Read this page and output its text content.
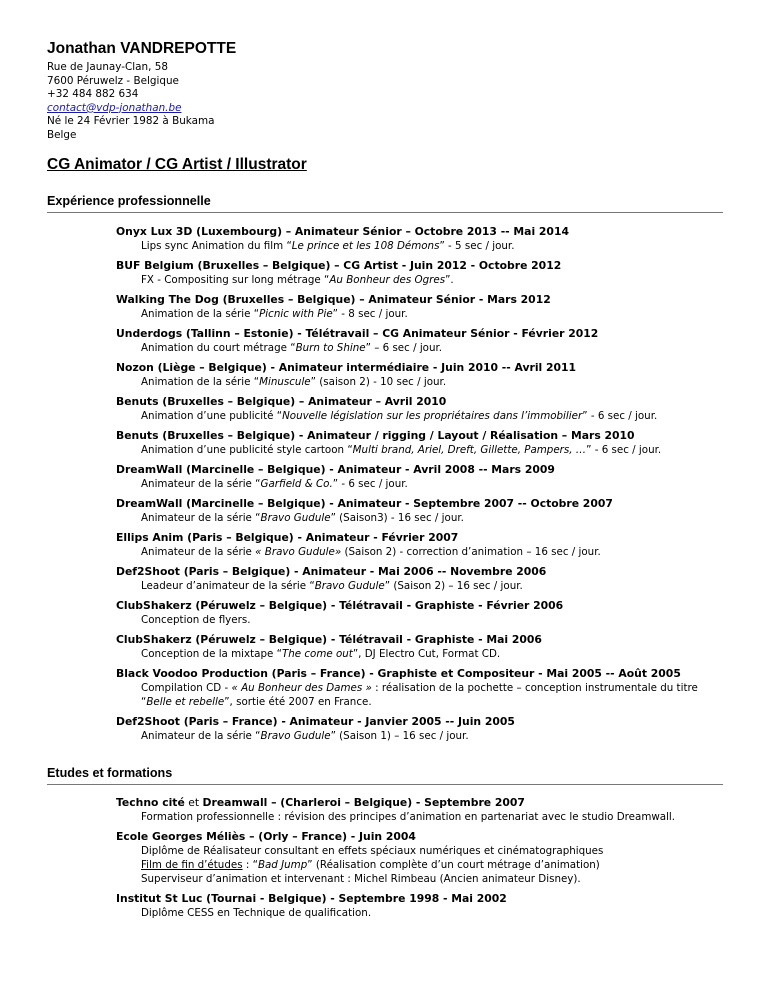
Jonathan VANDREPOTTE
Rue de Jaunay-Clan, 58
7600 Péruwelz - Belgique
+32 484 882 634
contact@vdp-jonathan.be
Né le 24 Février 1982 à Bukama
Belge
CG Animator / CG Artist / Illustrator
Expérience professionnelle
Onyx Lux 3D (Luxembourg) – Animateur Sénior – Octobre 2013 -- Mai 2014
Lips sync Animation du film “Le prince et les 108 Démons” - 5 sec / jour.
BUF Belgium (Bruxelles – Belgique) – CG Artist - Juin 2012 - Octobre 2012
FX - Compositing sur long métrage “Au Bonheur des Ogres”.
Walking The Dog (Bruxelles – Belgique) – Animateur Sénior - Mars 2012
Animation de la série “Picnic with Pie” - 8 sec / jour.
Underdogs (Tallinn – Estonie) - Télétravail – CG Animateur Sénior - Février 2012
Animation du court métrage “Burn to Shine” – 6 sec / jour.
Nozon (Liège – Belgique) - Animateur intermédiaire - Juin 2010 -- Avril 2011
Animation de la série “Minuscule” (saison 2) - 10 sec / jour.
Benuts (Bruxelles – Belgique) – Animateur – Avril 2010
Animation d’une publicité “Nouvelle législation sur les propriétaires dans l’immobilier” - 6 sec / jour.
Benuts (Bruxelles – Belgique) - Animateur / rigging / Layout / Réalisation – Mars 2010
Animation d’une publicité style cartoon “Multi brand, Ariel, Dreft, Gillette, Pampers, …” - 6 sec / jour.
DreamWall (Marcinelle – Belgique) - Animateur - Avril 2008 -- Mars 2009
Animateur de la série “Garfield & Co.” - 6 sec / jour.
DreamWall (Marcinelle – Belgique) - Animateur - Septembre 2007 -- Octobre 2007
Animateur de la série “Bravo Gudule” (Saison3) - 16 sec / jour.
Ellips Anim (Paris – Belgique) - Animateur - Février 2007
Animateur de la série « Bravo Gudule» (Saison 2) - correction d’animation – 16 sec / jour.
Def2Shoot (Paris – Belgique) - Animateur - Mai 2006 -- Novembre 2006
Leadeur d’animateur de la série “Bravo Gudule” (Saison 2) – 16 sec / jour.
ClubShakerz (Péruwelz – Belgique) - Télétravail - Graphiste - Février 2006
Conception de flyers.
ClubShakerz (Péruwelz – Belgique) - Télétravail - Graphiste - Mai 2006
Conception de la mixtape “The come out”, DJ Electro Cut, Format CD.
Black Voodoo Production (Paris – France) - Graphiste et Compositeur - Mai 2005 -- Août 2005
Compilation CD - « Au Bonheur des Dames » : réalisation de la pochette – conception instrumentale du titre
“Belle et rebelle”, sortie été 2007 en France.
Def2Shoot (Paris – France) - Animateur - Janvier 2005 -- Juin 2005
Animateur de la série “Bravo Gudule” (Saison 1) – 16 sec / jour.
Etudes et formations
Techno cité et Dreamwall – (Charleroi – Belgique) - Septembre 2007
Formation professionnelle : révision des principes d’animation en partenariat avec le studio Dreamwall.
Ecole Georges Méliès – (Orly – France) - Juin 2004
Diplôme de Réalisateur consultant en effets spéciaux numériques et cinématographiques
Film de fin d’études : “Bad Jump” (Réalisation complète d’un court métrage d’animation)
Superviseur d’animation et intervenant : Michel Rimbeau (Ancien animateur Disney).
Institut St Luc (Tournai - Belgique) - Septembre 1998 - Mai 2002
Diplôme CESS en Technique de qualification.
